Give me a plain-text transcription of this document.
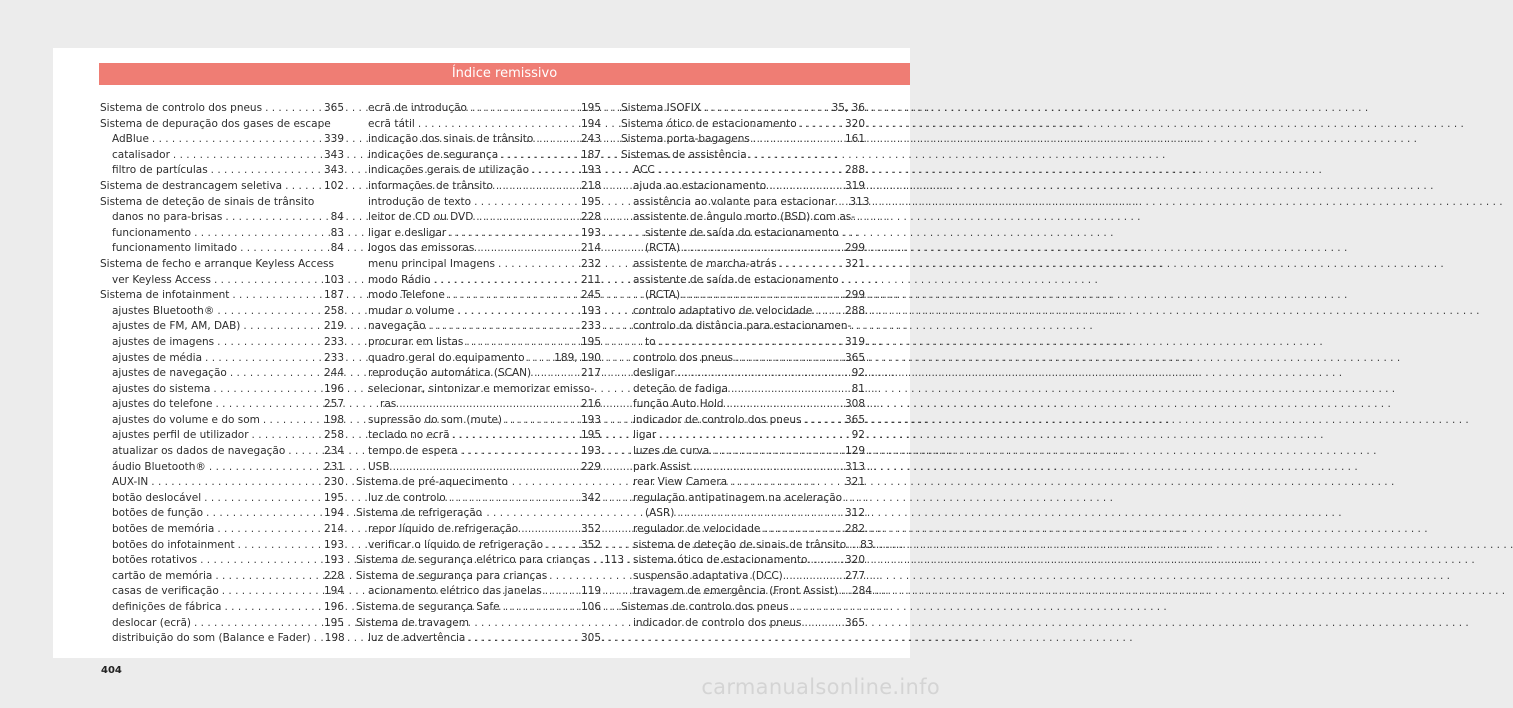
Índice remissivo
Sistema de controlo dos pneus . . .	365
Sistema de depuração dos gases de escape
AdBlue . . .	339
catalisador . . .	343
filtro de partículas . . .	343
Sistema de destrancagem seletiva . . .	102
Sistema de deteção de sinais de trânsito
danos no para-brisas . . .	84
funcionamento . . .	83
funcionamento limitado . . .	84
Sistema de fecho e arranque Keyless Access
ver Keyless Access . . .	103
Sistema de infotainment . . .	187
ajustes Bluetooth® . . .	258
ajustes de FM, AM, DAB) . . .	219
ajustes de imagens . . .	233
ajustes de média . . .	233
ajustes de navegação . . .	244
ajustes do sistema . . .	196
ajustes do telefone . . .	257
ajustes do volume e do som . . .	198
ajustes perfil de utilizador . . .	258
atualizar os dados de navegação . . .	234
áudio Bluetooth® . . .	231
AUX-IN . . .	230
botão deslocável . . .	195
botões de função . . .	194
botões de memória . . .	214
botões do infotainment . . .	193
botões rotativos . . .	193
cartão de memória . . .	228
casas de verificação . . .	194
definições de fábrica . . .	196
deslocar (ecrã) . . .	195
distribuição do som (Balance e Fader) . . . 198
ecrã de introdução . . .	195
ecrã tátil . . .	194
indicação dos sinais de trânsito . . .	243
indicações de segurança . . .	187
indicações gerais de utilização . . .	193
informações de trânsito . . .	218
introdução de texto . . .	195
leitor de CD ou DVD . . .	228
ligar e desligar . . .	193
logos das emissoras . . .	214
menu principal Imagens . . .	232
modo Rádio . . .	211
modo Telefone . . .	245
mudar o volume . . .	193
navegação . . .	233
procurar em listas . . .	195
quadro geral do equipamento . . .	189, 190
reprodução automática (SCAN) . . .	217
selecionar, sintonizar e memorizar emisso-
ras . . .	216
supressão do som (mute) . . .	193
teclado no ecrã . . .	195
tempo de espera . . .	193
USB . . .	229
Sistema de pré-aquecimento
luz de controlo . . .	342
Sistema de refrigeração
repor líquido de refrigeração . . .	352
verificar o líquido de refrigeração . . .	352
Sistema de segurança elétrico para crianças . . . 113
Sistema de segurança para crianças
acionamento elétrico das janelas . . .	119
Sistema de segurança Safe . . .	106
Sistema de travagem
luz de advertência . . .	305
Sistema ISOFIX . . .	35, 36
Sistema ótico de estacionamento . . .	320
Sistema porta-bagagens . . .	161
Sistemas de assistência
ACC . . .	288
ajuda ao estacionamento . . .	319
assistência ao volante para estacionar . . . 313
assistente de ângulo morto (BSD) com as-
sistente de saída do estacionamento
(RCTA) . . .	299
assistente de marcha-atrás . . .	321
assistente de saída de estacionamento
(RCTA) . . .	299
controlo adaptativo de velocidade . . .	288
controlo da distância para estacionamen-
to . . .	319
controlo dos pneus . . .	365
desligar . . .	92
deteção de fadiga . . .	81
função Auto Hold . . .	308
indicador de controlo dos pneus . . .	365
ligar . . .	92
luzes de curva . . .	129
park Assist . . .	313
rear View Camera . . .	321
regulação antipatinagem na aceleração
(ASR) . . .	312
regulador de velocidade . . .	282
sistema de deteção de sinais de trânsito . . . 83
sistema ótico de estacionamento . . .	320
suspensão adaptativa (DCC) . . .	277
travagem de emergência (Front Assist) . . . 284
Sistemas de controlo dos pneus
indicador de controlo dos pneus . . .	365
404
carmanualsonline.info
